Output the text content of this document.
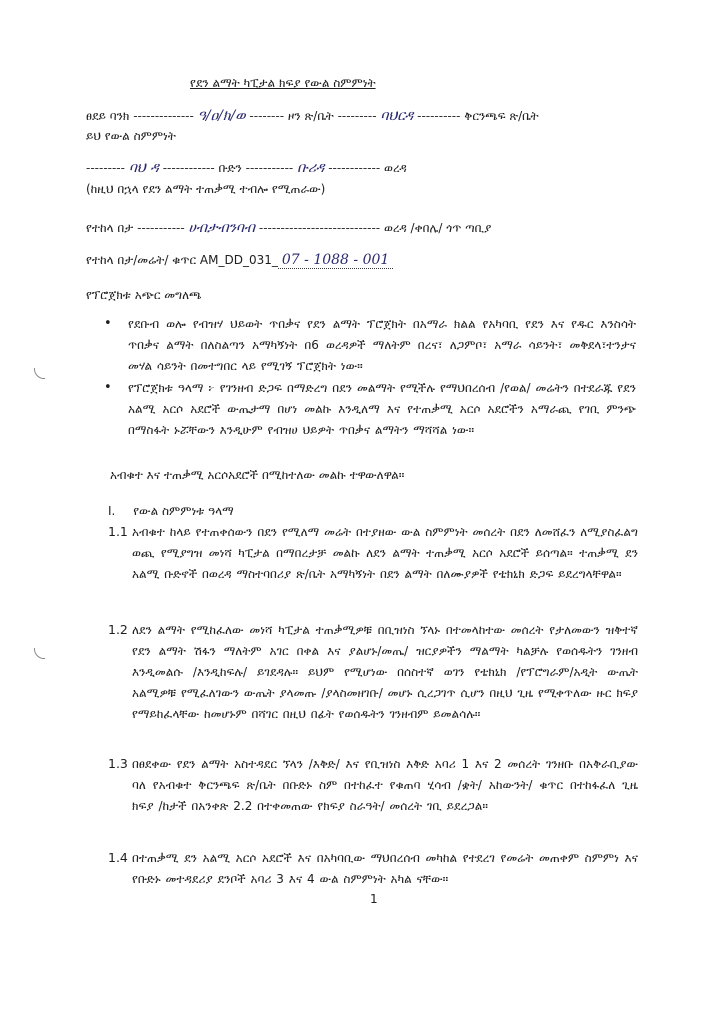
የደን ልማት ካፒታል ክፍያ የውል ስምምነት
ፀደይ ባንክ -------------- ዓ/ዐ/ክ/ወ -------- ዞን ጽ/ቤት --------- ባህርዳ ---------- ቅርንጫፍ ጽ/ቤት
ይህ የውል ስምምነት
--------- ባህ ዳ ------------ ቡድን ----------- ቡሪዳ ------------ ወረዳ
(ከዚህ በኋላ የደን ልማት ተጠቃሚ ተብሎ የሚጠራው)
የተከላ በታ ----------- ሀብታብንባብ ---------------------------- ወረዳ /ቀበሌ/ ጎጥ ጣቢያ
የተከላ በታ/መሬት/ ቁጥር AM_DD_031_ 07 - 1088 - 001
የፕሮጀክቱ አጭር መግለጫ
• የደቡብ ወሎ የብዝሃ ህይወት ጥበቃና የደን ልማት ፕሮጀክት በአማራ ክልል የአካባቢ የደን እና የዱር እንስሳት ጥበቃና ልማት በለስልጣን አማካኝነት በ6 ወረዳዎች ማለትም በረና፣ ለጋምቦ፣ አማራ ሳይንት፣ መቅደላ፣ተንታና መሃል ሳይንት በመተግበር ላይ የሚገኝ ፕሮጀክት ነው።
• የፕሮጀክቱ ዓላማ ፦ የገንዘብ ድጋፍ በማድረግ በደን መልማት የሚችሉ የማህበረሰብ /የወል/ መሬትን በተደራጁ የደን አልሚ አርሶ አደሮች ውጤታማ በሆነ መልኩ እንዲለማ እና የተጠቃሚ አርሶ አደሮችን አማራጪ የገቢ ምንጭ በማስፋት ኑሯቸውን እንዲሁም የብዝሀ ህይዎት ጥበቃና ልማትን ማሻሻል ነው።
አብቁተ እና ተጠቃሚ አርሶአደሮች በሚከተለው መልኩ ተዋውለዋል።
I. የውል ስምምነቱ ዓላማ
1.1 አብቁተ ከላይ የተጠቀሰውን በደን የሚለማ መሬት በተያዘው ውል ስምምነት መሰረት በደን ለመሸፈን ለሚያስፈልግ ወጪ የሚያግዝ መነሻ ካፒታል በማበረታቻ መልኩ ለደን ልማት ተጠቃሚ አርሶ አደሮች ይሰጣል። ተጠቃሚ ደን አልሚ ቡድኖች በወረዳ ማስተባበሪያ ጽ/ቤት አማካኝነት በደን ልማት በለሙያዎች የቴክኒክ ድጋፍ ይደረግላቸዋል።
1.2 ለደን ልማት የሚከፈለው መነሻ ካፒታል ተጠቃሚዎቹ በቢዝነስ ኘላኑ በተመላከተው መሰረት የታለመውን ዝቅተኛ የደን ልማት ሽፋን ማለትም አገር በቀል እና ያልሆኑ/መጤ/ ዝርያዎችን ማልማት ካልቻሉ የወሰዱትን ገንዘብ እንዲመልሱ /እንዲከፍሉ/ ይገደዳሉ። ይህም የሚሆነው በሰስተኛ ወገን የቴክኒክ /የፕሮግራም/አዲት ውጤት አልሚዎቹ የሚፈለገውን ውጤት ያላመጡ /ያላስመዘገቡ/ መሆኑ ሲረጋገጥ ሲሆን በዚህ ጊዜ የሚቀጥለው ዙር ክፍያ የማይከፈላቸው ከመሆኑም በሻገር በዚህ በፊት የወሰዱትን ገንዘብም ይመልሳሉ።
1.3 በፀደቀው የደን ልማት አስተዳደር ኘላን /እቅድ/ እና የቢዝነስ እቅድ አባሪ 1 እና 2 መሰረት ገንዘቡ በአቅራቢያው ባለ የአብቁተ ቅርንጫፍ ጽ/ቤት በቡድኑ ስም በተከፈተ የቁጠባ ሂሳብ /ቋት/ አከውንት/ ቁጥር በተከፋፈለ ጊዜ ክፍያ /ከታች በአንቀጽ 2.2 በተቀመጠው የክፍያ ስራዓት/ መሰረት ገቢ ይደረጋል።
1.4 በተጠቃሚ ደን አልሚ አርሶ አደሮች እና በአካባቢው ማህበረሰብ መካከል የተደረገ የመሬት መጠቀም ስምምነ እና የቡድኑ መተዳደሪያ ደንቦች አባሪ 3 እና 4 ውል ስምምነት አካል ናቸው።
1
